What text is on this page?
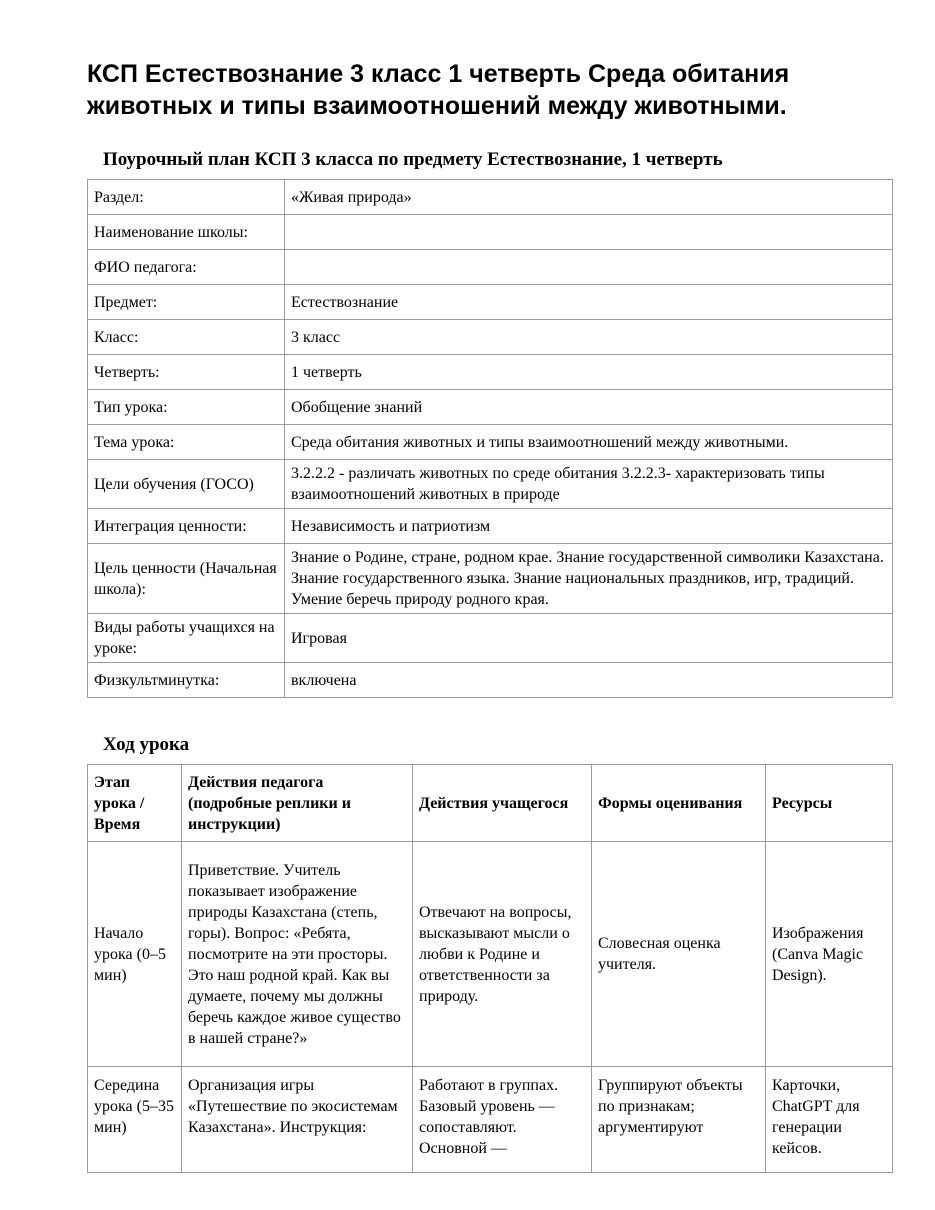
КСП Естествознание 3 класс 1 четверть Среда обитания животных и типы взаимоотношений между животными.
Поурочный план КСП 3 класса по предмету Естествознание, 1 четверть
Раздел:	«Живая природа»
Наименование школы:	
ФИО педагога:	
Предмет:	Естествознание
Класс:	3 класс
Четверть:	1 четверть
Тип урока:	Обобщение знаний
Тема урока:	Среда обитания животных и типы взаимоотношений между животными.
Цели обучения (ГОСО)	3.2.2.2 - различать животных по среде обитания 3.2.2.3- характеризовать типы взаимоотношений животных в природе
Интеграция ценности:	Независимость и патриотизм
Цель ценности (Начальная школа):	Знание о Родине, стране, родном крае. Знание государственной символики Казахстана. Знание государственного языка. Знание национальных праздников, игр, традиций. Умение беречь природу родного края.
Виды работы учащихся на уроке:	Игровая
Физкультминутка:	включена
Ход урока
Этап урока / Время	Действия педагога (подробные реплики и инструкции)	Действия учащегося	Формы оценивания	Ресурсы
Начало урока (0–5 мин)	Приветствие. Учитель показывает изображение природы Казахстана (степь, горы). Вопрос: «Ребята, посмотрите на эти просторы. Это наш родной край. Как вы думаете, почему мы должны беречь каждое живое существо в нашей стране?»	Отвечают на вопросы, высказывают мысли о любви к Родине и ответственности за природу.	Словесная оценка учителя.	Изображения (Canva Magic Design).
Середина урока (5–35 мин)	Организация игры «Путешествие по экосистемам Казахстана». Инструкция:	Работают в группах. Базовый уровень — сопоставляют. Основной —	Группируют объекты по признакам; аргументируют	Карточки, ChatGPT для генерации кейсов.
